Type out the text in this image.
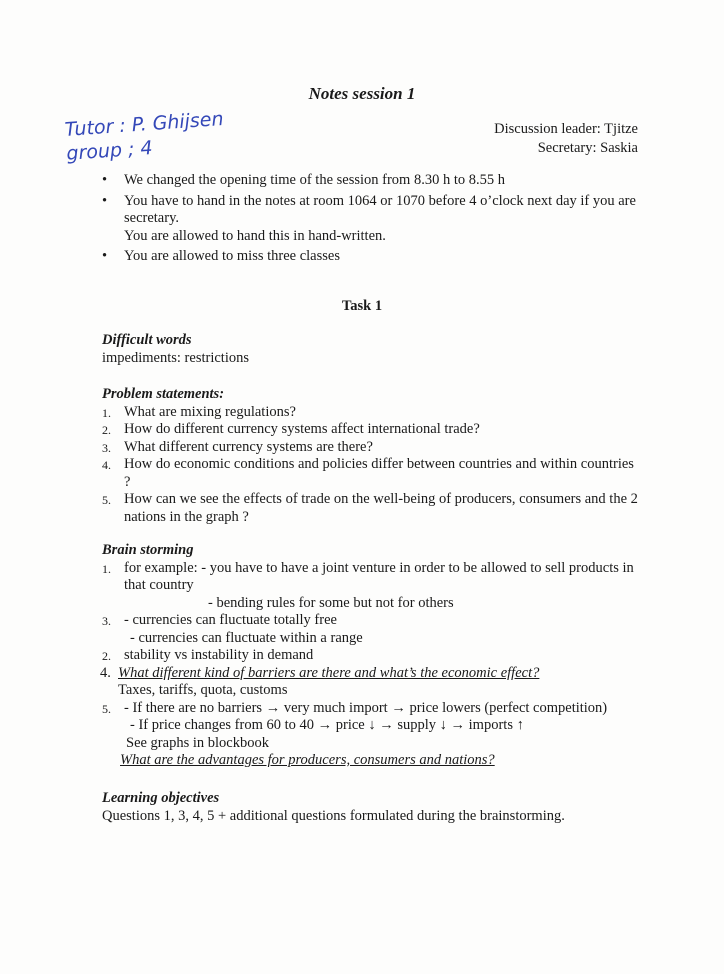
Notes session 1
Tutor : P. Ghijsen
group ; 4
Discussion leader: Tjitze
Secretary: Saskia
• We changed the opening time of the session from 8.30 h to 8.55 h
• You have to hand in the notes at room 1064 or 1070 before 4 o’clock next day if you are secretary.
You are allowed to hand this in hand-written.
• You are allowed to miss three classes
Task 1
Difficult words
impediments: restrictions
Problem statements:
1. What are mixing regulations?
2. How do different currency systems affect international trade?
3. What different currency systems are there?
4. How do economic conditions and policies differ between countries and within countries ?
5. How can we see the effects of trade on the well-being of producers, consumers and the 2 nations in the graph ?
Brain storming
1. for example: - you have to have a joint venture in order to be allowed to sell products in that country
- bending rules for some but not for others
3. - currencies can fluctuate totally free
- currencies can fluctuate within a range
2. stability vs instability in demand
4. What different kind of barriers are there and what’s the economic effect?
Taxes, tariffs, quota, customs
5. - If there are no barriers → very much import → price lowers (perfect competition)
- If price changes from 60 to 40 → price ↓ → supply ↓ → imports ↑
See graphs in blockbook
What are the advantages for producers, consumers and nations?
Learning objectives
Questions 1, 3, 4, 5 + additional questions formulated during the brainstorming.
